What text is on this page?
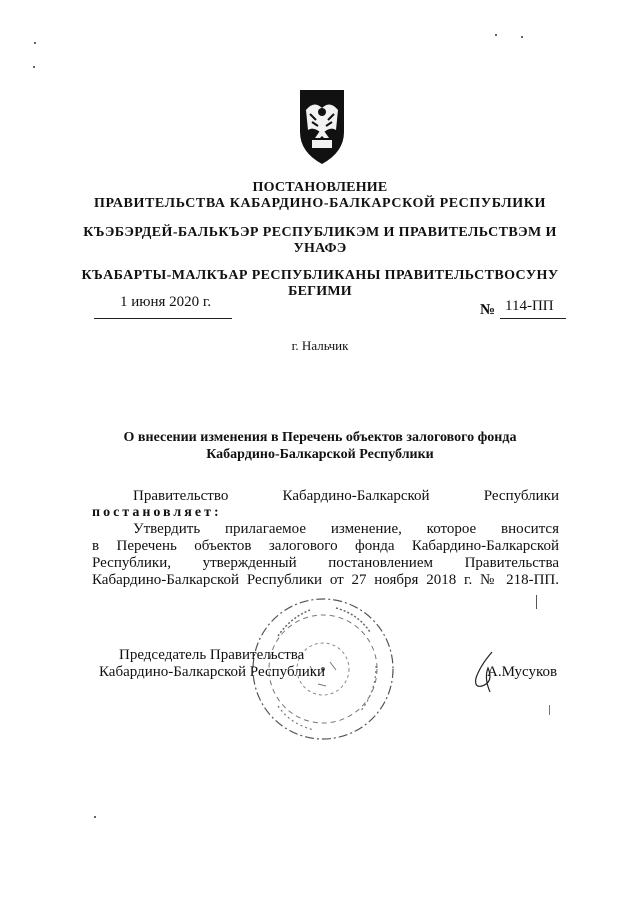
ПОСТАНОВЛЕНИЕ
ПРАВИТЕЛЬСТВА КАБАРДИНО-БАЛКАРСКОЙ РЕСПУБЛИКИ
КЪЭБЭРДЕЙ-БАЛЬКЪЭР РЕСПУБЛИКЭМ И ПРАВИТЕЛЬСТВЭМ И
УНАФЭ
КЪАБАРТЫ-МАЛКЪАР РЕСПУБЛИКАНЫ ПРАВИТЕЛЬСТВОСУНУ
БЕГИМИ
1 июня 2020 г.	№ 114-ПП
г. Нальчик
О внесении изменения в Перечень объектов залогового фонда
Кабардино-Балкарской Республики
Правительство Кабардино-Балкарской Республики
постановляет:
Утвердить прилагаемое изменение, которое вносится
в Перечень объектов залогового фонда Кабардино-Балкарской
Республики, утвержденный постановлением Правительства
Кабардино-Балкарской Республики от 27 ноября 2018 г. № 218-ПП.
Председатель Правительства
Кабардино-Балкарской Республики	А.Мусуков
